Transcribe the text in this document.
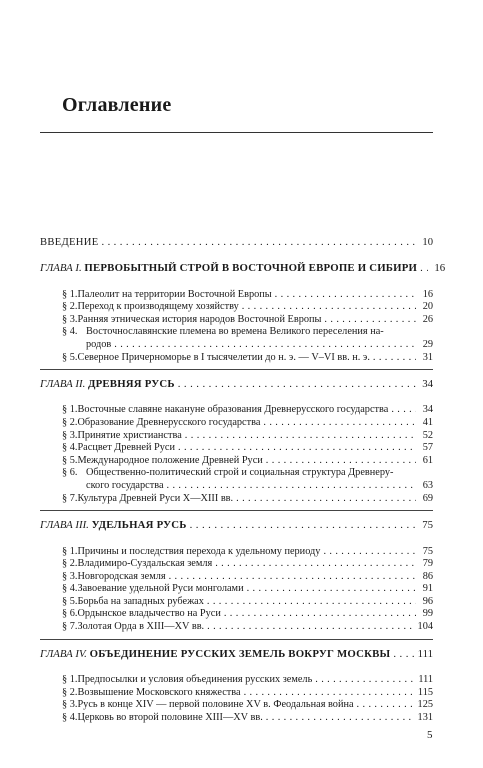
Оглавление
ВВЕДЕНИЕ . . .	10
ГЛАВА I.
ПЕРВОБЫТНЫЙ СТРОЙ В ВОСТОЧНОЙ ЕВРОПЕ И СИБИРИ . . . 16
§ 1. Палеолит на территории Восточной Европы . . .	16
§ 2. Переход к производящему хозяйству . . .	20
§ 3. Ранняя этническая история народов Восточной Европы . . .	26
§ 4. Восточнославянские племена во времена Великого переселения на-
родов . . .	29
§ 5. Северное Причерноморье в I тысячелетии до н. э. — V–VI вв. н. э. . . .	31
ГЛАВА II.
ДРЕВНЯЯ РУСЬ . . .	34
§ 1. Восточные славяне накануне образования Древнерусского государства . . .	34
§ 2. Образование Древнерусского государства . . .	41
§ 3. Принятие христианства . . .	52
§ 4. Расцвет Древней Руси . . .	57
§ 5. Международное положение Древней Руси . . .	61
§ 6. Общественно-политический строй и социальная структура Древнеру-
ского государства . . .	63
§ 7. Культура Древней Руси X—XIII вв. . . .	69
ГЛАВА III.
УДЕЛЬНАЯ РУСЬ . . .	75
§ 1. Причины и последствия перехода к удельному периоду . . .	75
§ 2. Владимиро-Суздальская земля . . .	79
§ 3. Новгородская земля . . .	86
§ 4. Завоевание удельной Руси монголами . . .	91
§ 5. Борьба на западных рубежах . . .	96
§ 6. Ордынское владычество на Руси . . .	99
§ 7. Золотая Орда в XIII—XV вв. . . .	104
ГЛАВА IV.
ОБЪЕДИНЕНИЕ РУССКИХ ЗЕМЕЛЬ ВОКРУГ МОСКВЫ . . .	111
§ 1. Предпосылки и условия объединения русских земель . . .	111
§ 2. Возвышение Московского княжества . . .	115
§ 3. Русь в конце XIV — первой половине XV в. Феодальная война . . .	125
§ 4. Церковь во второй половине XIII—XV вв. . . .	131
5
